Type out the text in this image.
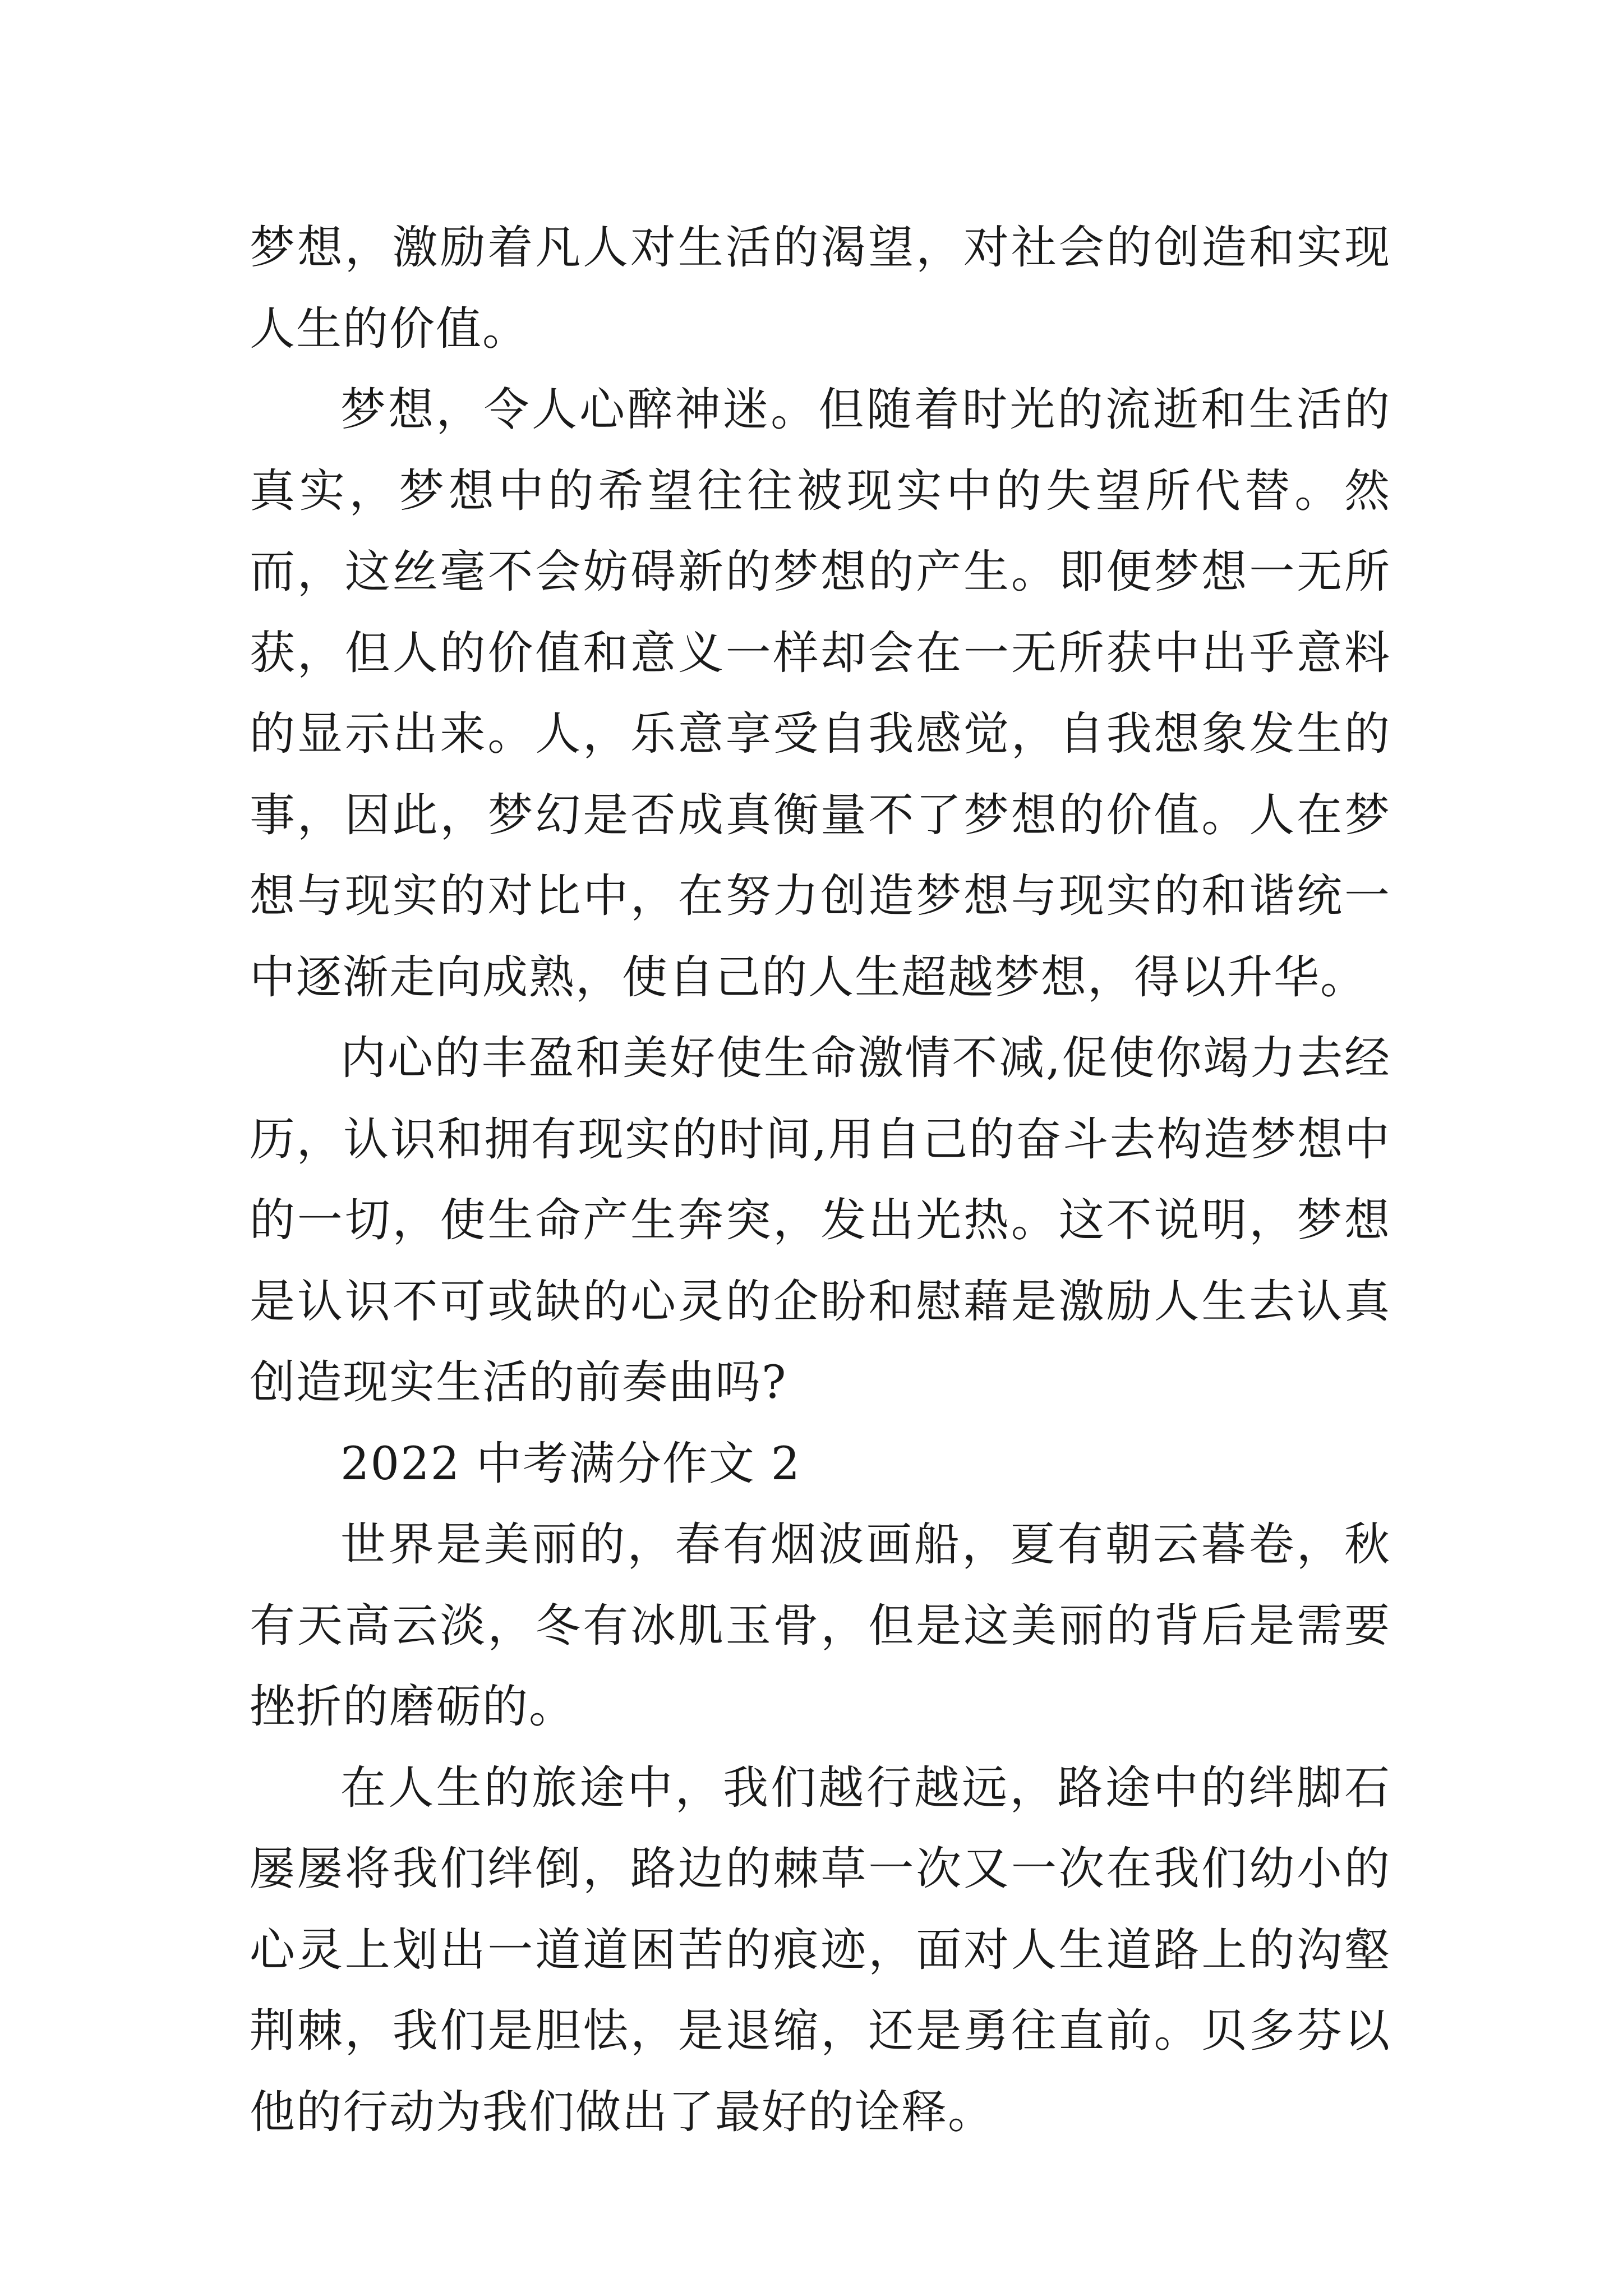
梦想，激励着凡人对生活的渴望，对社会的创造和实现人生的价值。

梦想，令人心醉神迷。但随着时光的流逝和生活的真实，梦想中的希望往往被现实中的失望所代替。然而，这丝毫不会妨碍新的梦想的产生。即便梦想一无所获，但人的价值和意义一样却会在一无所获中出乎意料的显示出来。人，乐意享受自我感觉，自我想象发生的事，因此，梦幻是否成真衡量不了梦想的价值。人在梦想与现实的对比中，在努力创造梦想与现实的和谐统一中逐渐走向成熟，使自己的人生超越梦想，得以升华。

内心的丰盈和美好使生命激情不减,促使你竭力去经历，认识和拥有现实的时间,用自己的奋斗去构造梦想中的一切，使生命产生奔突，发出光热。这不说明，梦想是认识不可或缺的心灵的企盼和慰藉是激励人生去认真创造现实生活的前奏曲吗?

2022 中考满分作文 2

世界是美丽的，春有烟波画船，夏有朝云暮卷，秋有天高云淡，冬有冰肌玉骨，但是这美丽的背后是需要挫折的磨砺的。

在人生的旅途中，我们越行越远，路途中的绊脚石屡屡将我们绊倒，路边的棘草一次又一次在我们幼小的心灵上划出一道道困苦的痕迹，面对人生道路上的沟壑荆棘，我们是胆怯，是退缩，还是勇往直前。贝多芬以他的行动为我们做出了最好的诠释。
